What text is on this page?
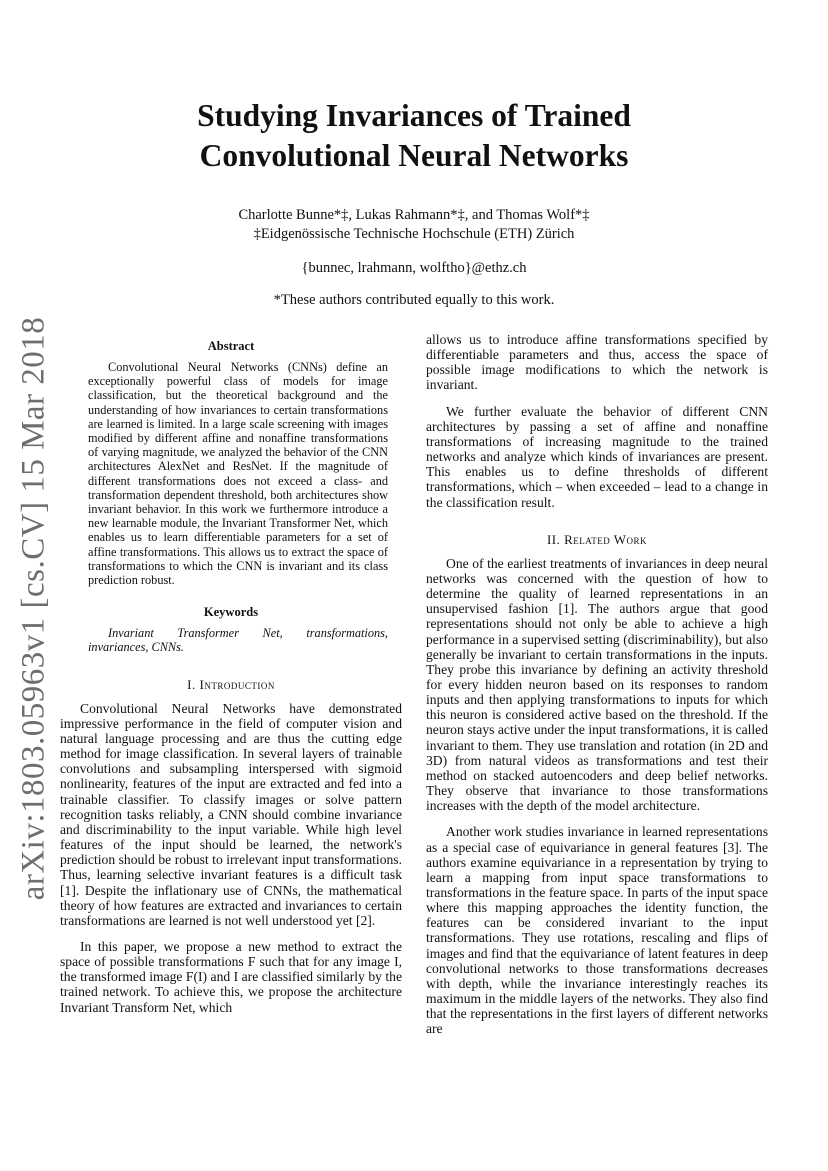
arXiv:1803.05963v1 [cs.CV] 15 Mar 2018
Studying Invariances of Trained
Convolutional Neural Networks
Charlotte Bunne*‡, Lukas Rahmann*‡, and Thomas Wolf*‡
‡Eidgenössische Technische Hochschule (ETH) Zürich
{bunnec, lrahmann, wolftho}@ethz.ch
*These authors contributed equally to this work.
Abstract

Convolutional Neural Networks (CNNs) define an exceptionally powerful class of models for image classification, but the theoretical background and the understanding of how invariances to certain transformations are learned is limited. In a large scale screening with images modified by different affine and nonaffine transformations of varying magnitude, we analyzed the behavior of the CNN architectures AlexNet and ResNet. If the magnitude of different transformations does not exceed a class- and transformation dependent threshold, both architectures show invariant behavior. In this work we furthermore introduce a new learnable module, the Invariant Transformer Net, which enables us to learn differentiable parameters for a set of affine transformations. This allows us to extract the space of transformations to which the CNN is invariant and its class prediction robust.

Keywords

Invariant Transformer Net, transformations, invariances, CNNs.

I. Introduction

Convolutional Neural Networks have demonstrated impressive performance in the field of computer vision and natural language processing and are thus the cutting edge method for image classification. In several layers of trainable convolutions and subsampling interspersed with sigmoid nonlinearity, features of the input are extracted and fed into a trainable classifier. To classify images or solve pattern recognition tasks reliably, a CNN should combine invariance and discriminability to the input variable. While high level features of the input should be learned, the network's prediction should be robust to irrelevant input transformations. Thus, learning selective invariant features is a difficult task [1]. Despite the inflationary use of CNNs, the mathematical theory of how features are extracted and invariances to certain transformations are learned is not well understood yet [2].

In this paper, we propose a new method to extract the space of possible transformations F such that for any image I, the transformed image F(I) and I are classified similarly by the trained network. To achieve this, we propose the architecture Invariant Transform Net, which

allows us to introduce affine transformations specified by differentiable parameters and thus, access the space of possible image modifications to which the network is invariant.

We further evaluate the behavior of different CNN architectures by passing a set of affine and nonaffine transformations of increasing magnitude to the trained networks and analyze which kinds of invariances are present. This enables us to define thresholds of different transformations, which – when exceeded – lead to a change in the classification result.

II. Related Work

One of the earliest treatments of invariances in deep neural networks was concerned with the question of how to determine the quality of learned representations in an unsupervised fashion [1]. The authors argue that good representations should not only be able to achieve a high performance in a supervised setting (discriminability), but also generally be invariant to certain transformations in the inputs. They probe this invariance by defining an activity threshold for every hidden neuron based on its responses to random inputs and then applying transformations to inputs for which this neuron is considered active based on the threshold. If the neuron stays active under the input transformations, it is called invariant to them. They use translation and rotation (in 2D and 3D) from natural videos as transformations and test their method on stacked autoencoders and deep belief networks. They observe that invariance to those transformations increases with the depth of the model architecture.

Another work studies invariance in learned representations as a special case of equivariance in general features [3]. The authors examine equivariance in a representation by trying to learn a mapping from input space transformations to transformations in the feature space. In parts of the input space where this mapping approaches the identity function, the features can be considered invariant to the input transformations. They use rotations, rescaling and flips of images and find that the equivariance of latent features in deep convolutional networks to those transformations decreases with depth, while the invariance interestingly reaches its maximum in the middle layers of the networks. They also find that the representations in the first layers of different networks are
